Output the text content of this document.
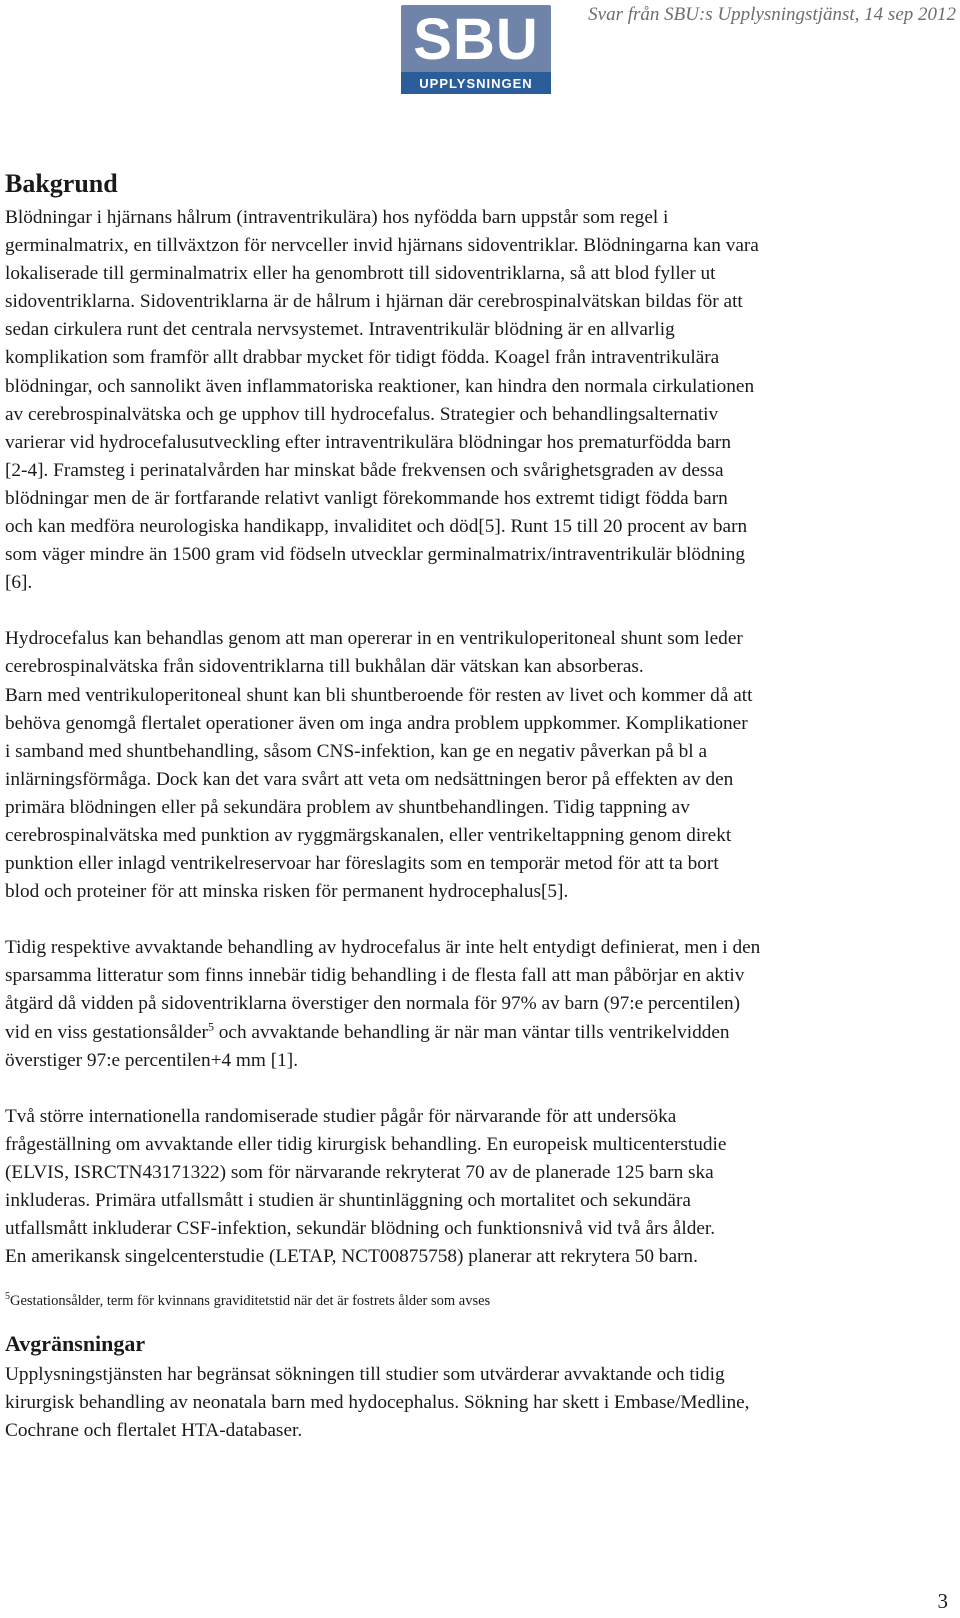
SBU
UPPLYSNINGEN
Svar från SBU:s Upplysningstjänst, 14 sep 2012
Bakgrund

Blödningar i hjärnans hålrum (intraventrikulära) hos nyfödda barn uppstår som regel i
germinalmatrix, en tillväxtzon för nervceller invid hjärnans sidoventriklar. Blödningarna kan vara
lokaliserade till germinalmatrix eller ha genombrott till sidoventriklarna, så att blod fyller ut
sidoventriklarna. Sidoventriklarna är de hålrum i hjärnan där cerebrospinalvätskan bildas för att
sedan cirkulera runt det centrala nervsystemet. Intraventrikulär blödning är en allvarlig
komplikation som framför allt drabbar mycket för tidigt födda. Koagel från intraventrikulära
blödningar, och sannolikt även inflammatoriska reaktioner, kan hindra den normala cirkulationen
av cerebrospinalvätska och ge upphov till hydrocefalus. Strategier och behandlingsalternativ
varierar vid hydrocefalusutveckling efter intraventrikulära blödningar hos prematurfödda barn
[2-4]. Framsteg i perinatalvården har minskat både frekvensen och svårighetsgraden av dessa
blödningar men de är fortfarande relativt vanligt förekommande hos extremt tidigt födda barn
och kan medföra neurologiska handikapp, invaliditet och död[5]. Runt 15 till 20 procent av barn
som väger mindre än 1500 gram vid födseln utvecklar germinalmatrix/intraventrikulär blödning
[6].

Hydrocefalus kan behandlas genom att man opererar in en ventrikuloperitoneal shunt som leder
cerebrospinalvätska från sidoventriklarna till bukhålan där vätskan kan absorberas.
Barn med ventrikuloperitoneal shunt kan bli shuntberoende för resten av livet och kommer då att
behöva genomgå flertalet operationer även om inga andra problem uppkommer. Komplikationer
i samband med shuntbehandling, såsom CNS-infektion, kan ge en negativ påverkan på bl a
inlärningsförmåga. Dock kan det vara svårt att veta om nedsättningen beror på effekten av den
primära blödningen eller på sekundära problem av shuntbehandlingen. Tidig tappning av
cerebrospinalvätska med punktion av ryggmärgskanalen, eller ventrikeltappning genom direkt
punktion eller inlagd ventrikelreservoar har föreslagits som en temporär metod för att ta bort
blod och proteiner för att minska risken för permanent hydrocephalus[5].

Tidig respektive avvaktande behandling av hydrocefalus är inte helt entydigt definierat, men i den
sparsamma litteratur som finns innebär tidig behandling i de flesta fall att man påbörjar en aktiv
åtgärd då vidden på sidoventriklarna överstiger den normala för 97% av barn (97:e percentilen)
vid en viss gestationsålder$^5$ och avvaktande behandling är när man väntar tills ventrikelvidden
överstiger 97:e percentilen+4 mm [1].

Två större internationella randomiserade studier pågår för närvarande för att undersöka
frågeställning om avvaktande eller tidig kirurgisk behandling. En europeisk multicenterstudie
(ELVIS, ISRCTN43171322) som för närvarande rekryterat 70 av de planerade 125 barn ska
inkluderas. Primära utfallsmått i studien är shuntinläggning och mortalitet och sekundära
utfallsmått inkluderar CSF-infektion, sekundär blödning och funktionsnivå vid två års ålder.
En amerikansk singelcenterstudie (LETAP, NCT00875758) planerar att rekrytera 50 barn.

$^5$Gestationsålder, term för kvinnans graviditetstid när det är fostrets ålder som avses
Avgränsningar

Upplysningstjänsten har begränsat sökningen till studier som utvärderar avvaktande och tidig
kirurgisk behandling av neonatala barn med hydocephalus. Sökning har skett i Embase/Medline,
Cochrane och flertalet HTA-databaser.

3
